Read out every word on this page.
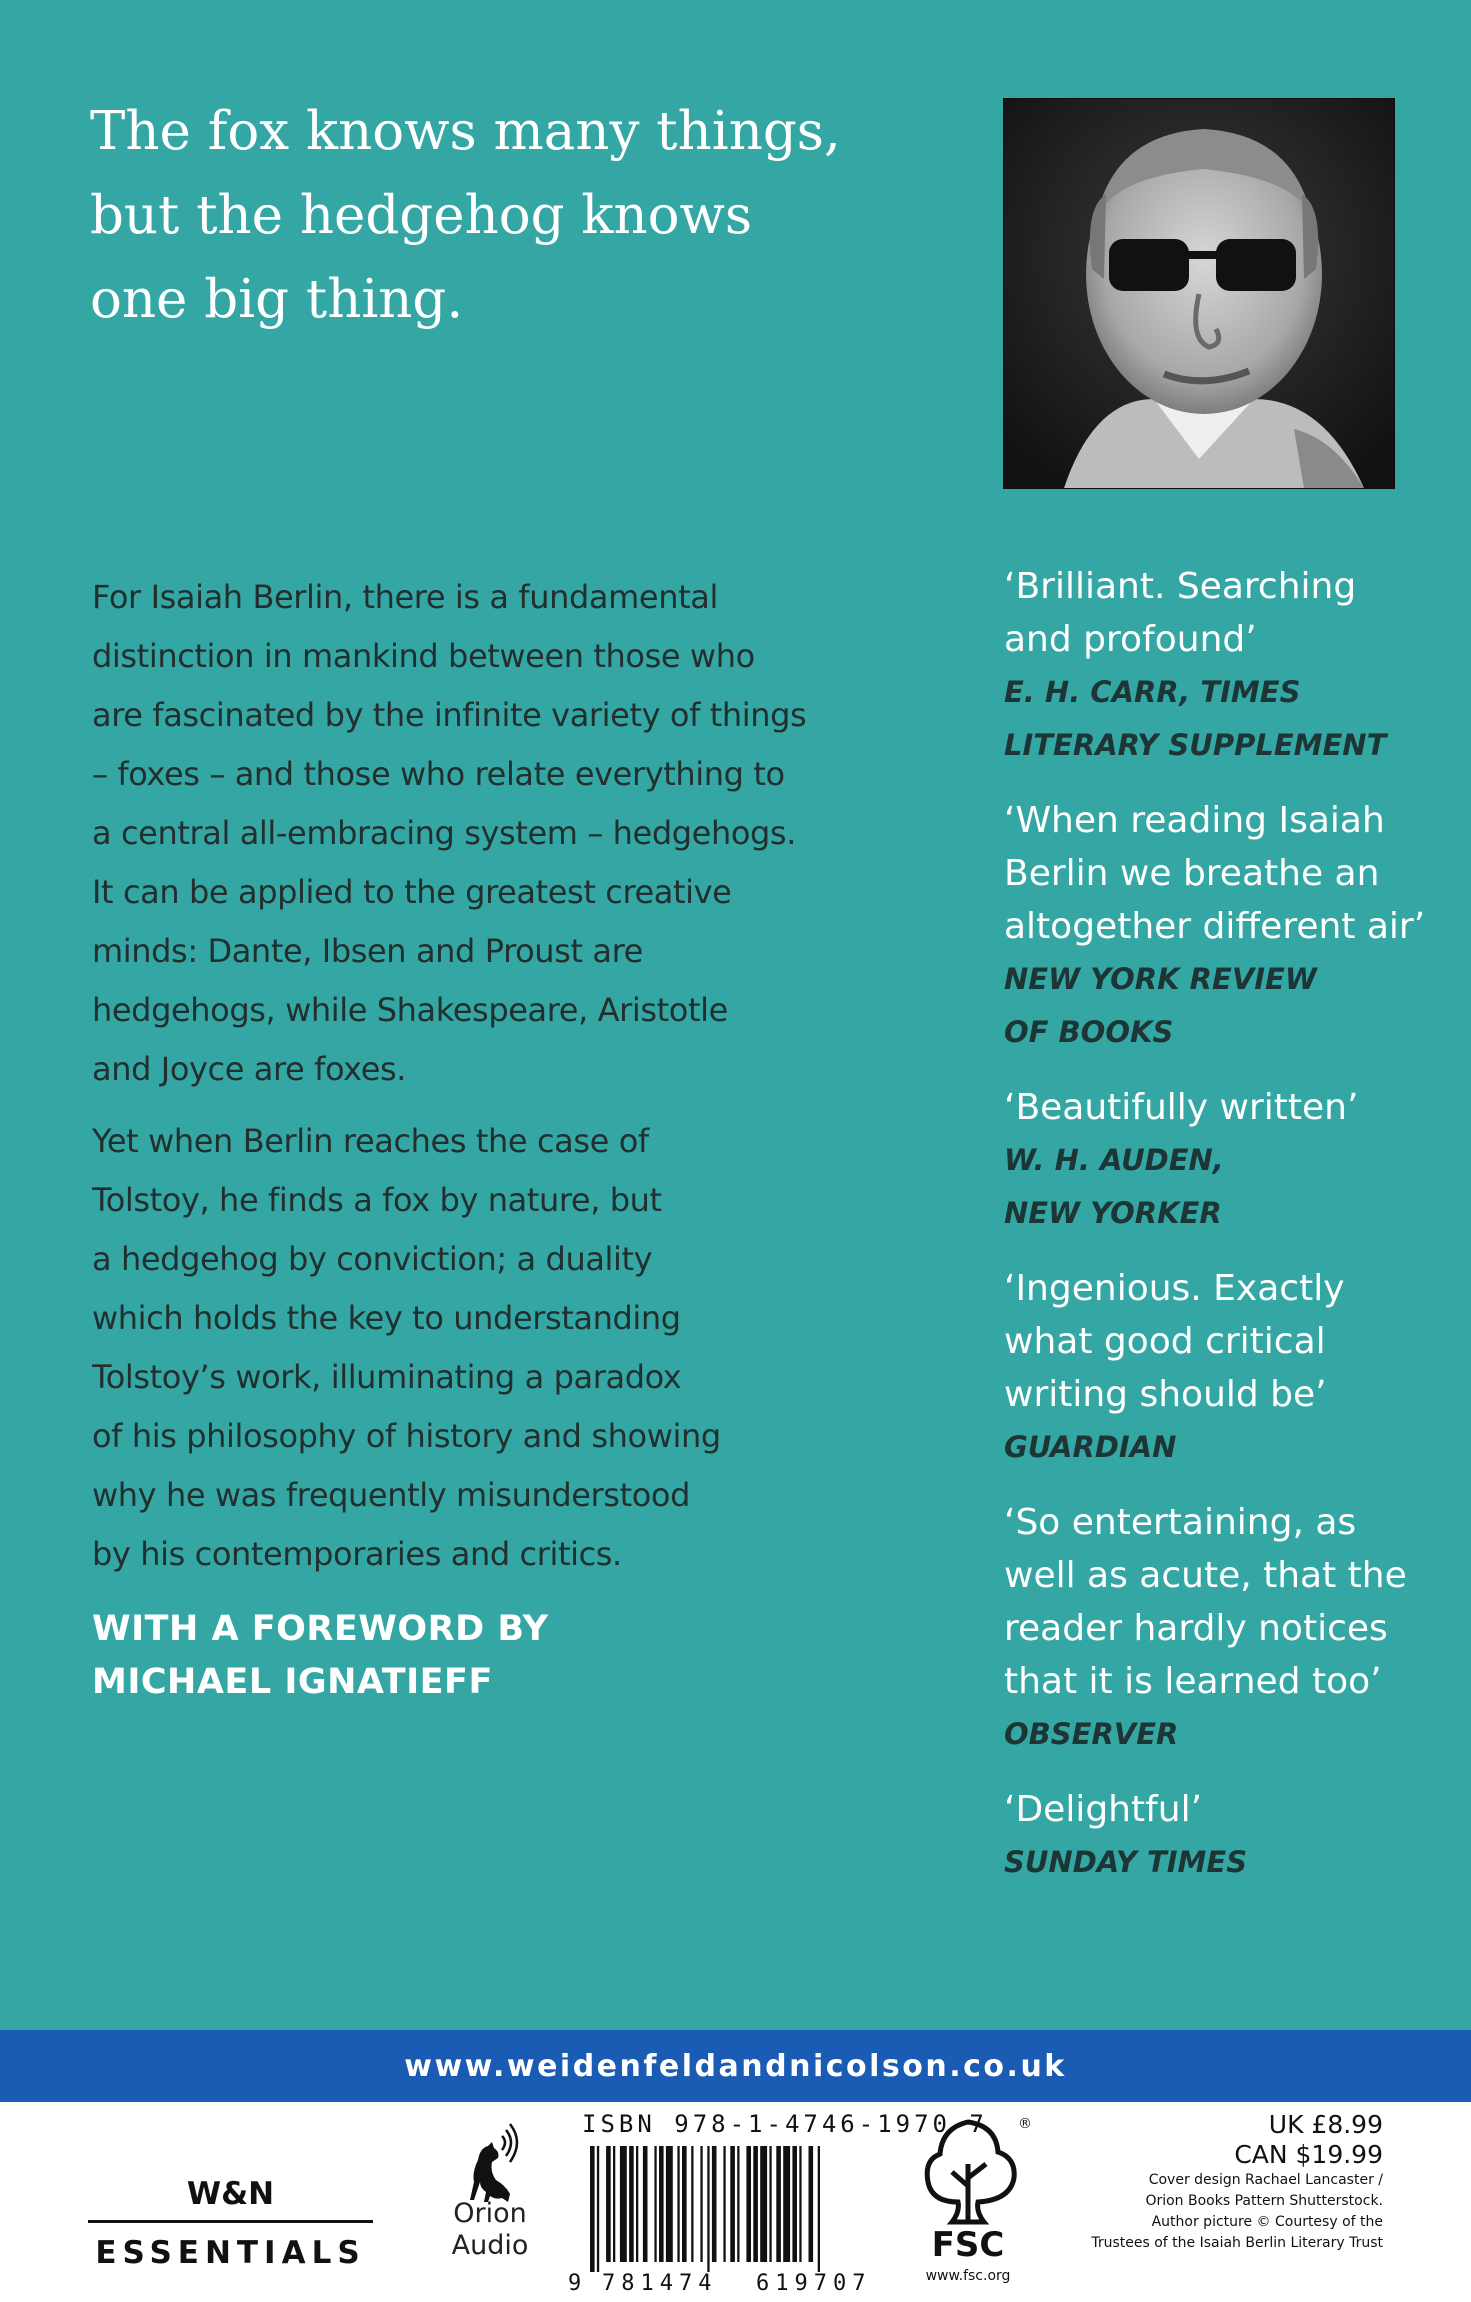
The fox knows many things,
but the hedgehog knows
one big thing.
For Isaiah Berlin, there is a fundamental
distinction in mankind between those who
are fascinated by the infinite variety of things
– foxes – and those who relate everything to
a central all-embracing system – hedgehogs.
It can be applied to the greatest creative
minds: Dante, Ibsen and Proust are
hedgehogs, while Shakespeare, Aristotle
and Joyce are foxes.
Yet when Berlin reaches the case of
Tolstoy, he finds a fox by nature, but
a hedgehog by conviction; a duality
which holds the key to understanding
Tolstoy’s work, illuminating a paradox
of his philosophy of history and showing
why he was frequently misunderstood
by his contemporaries and critics.
WITH A FOREWORD BY
MICHAEL IGNATIEFF
‘Brilliant. Searching
and profound’
E. H. CARR, TIMES
LITERARY SUPPLEMENT
‘When reading Isaiah
Berlin we breathe an
altogether different air’
NEW YORK REVIEW
OF BOOKS
‘Beautifully written’
W. H. AUDEN,
NEW YORKER
‘Ingenious. Exactly
what good critical
writing should be’
GUARDIAN
‘So entertaining, as
well as acute, that the
reader hardly notices
that it is learned too’
OBSERVER
‘Delightful’
SUNDAY TIMES
www.weidenfeldandnicolson.co.uk
W&N
ESSENTIALS
Orion
Audio
ISBN 978-1-4746-1970-7
9 781474 619707
®
FSC
www.fsc.org
UK £8.99
CAN $19.99
Cover design Rachael Lancaster /
Orion Books Pattern Shutterstock.
Author picture © Courtesy of the
Trustees of the Isaiah Berlin Literary Trust
